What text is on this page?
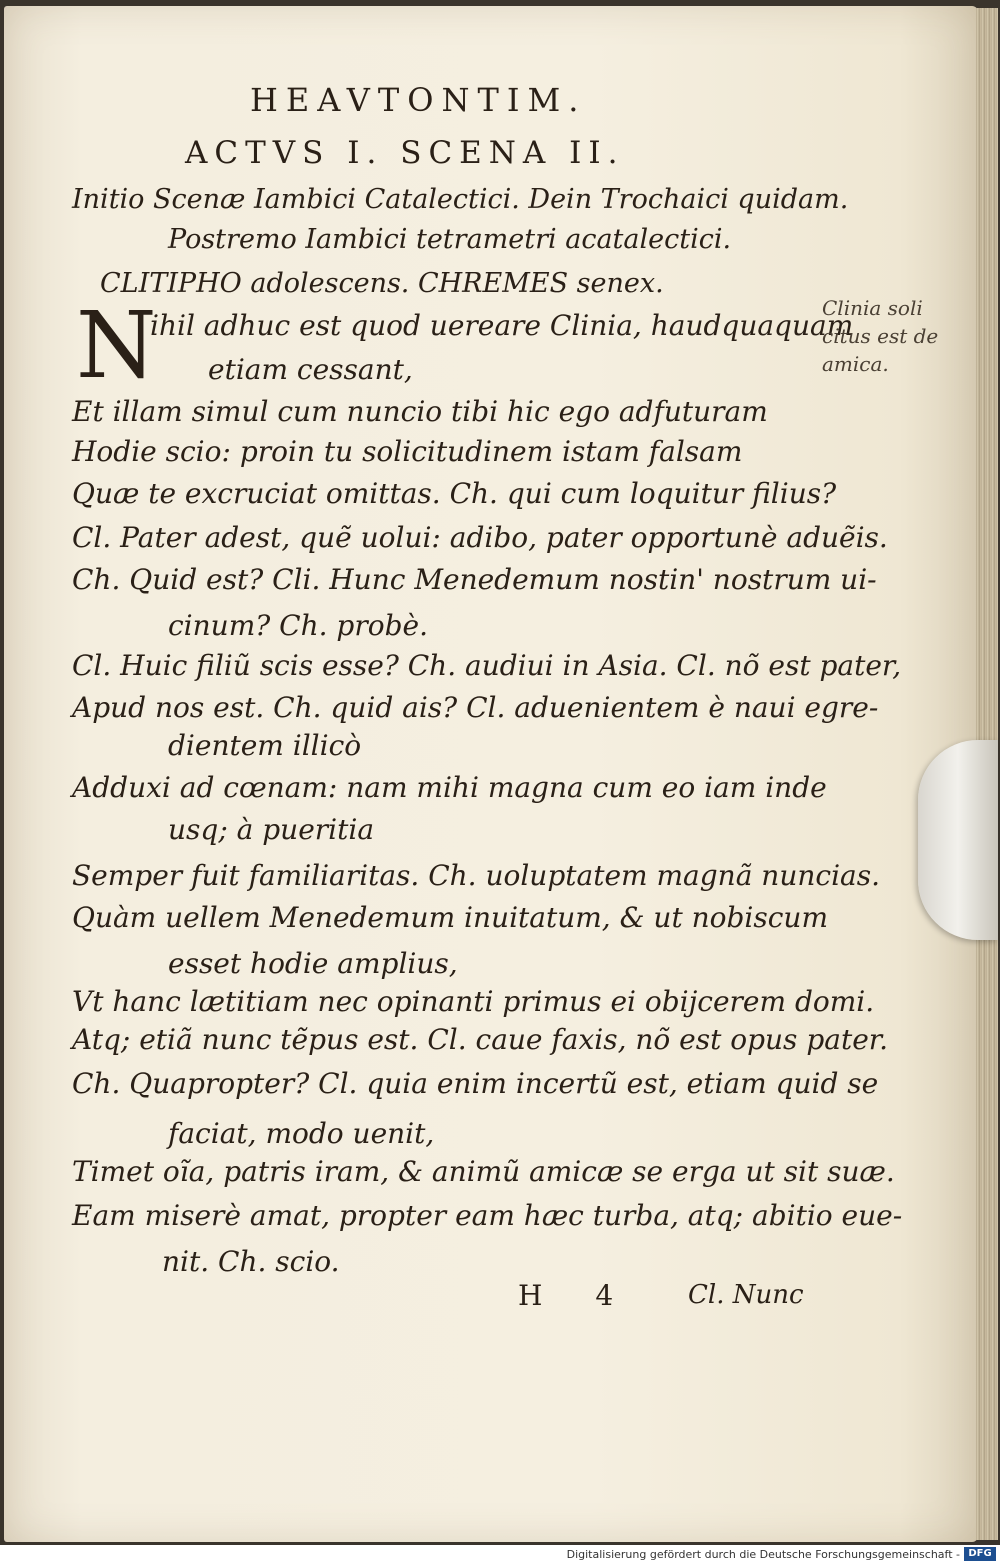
HEAVTONTIM.
ACTVS I. SCENA II.
Initio Scenæ Iambici Catalectici. Dein Trochaici quidam.
Postremo Iambici tetrametri acatalectici.
CLITIPHO adolescens. CHREMES senex.
N
ihil adhuc est quod uereare Clinia, haudquaquam
etiam cessant,
Et illam simul cum nuncio tibi hic ego adfuturam
Hodie scio: proin tu solicitudinem istam falsam
Quæ te excruciat omittas. Ch. qui cum loquitur filius?
Cl. Pater adest, quẽ uolui: adibo, pater opportunè aduẽis.
Ch. Quid est? Cli. Hunc Menedemum nostin' nostrum ui-
cinum? Ch. probè.
Cl. Huic filiũ scis esse? Ch. audiui in Asia. Cl. nõ est pater,
Apud nos est. Ch. quid ais? Cl. aduenientem è naui egre-
dientem illicò
Adduxi ad cœnam: nam mihi magna cum eo iam inde
usq; à pueritia
Semper fuit familiaritas. Ch. uoluptatem magnã nuncias.
Quàm uellem Menedemum inuitatum, & ut nobiscum
esset hodie amplius,
Vt hanc lætitiam nec opinanti primus ei obijcerem domi.
Atq; etiã nunc tẽpus est. Cl. caue faxis, nõ est opus pater.
Ch. Quapropter? Cl. quia enim incertũ est, etiam quid se
faciat, modo uenit,
Timet oĩa, patris iram, & animũ amicæ se erga ut sit suæ.
Eam miserè amat, propter eam hæc turba, atq; abitio eue-
nit. Ch. scio.
Clinia soli
citus est de
amica.
H 4 Cl. Nunc
Digitalisierung gefördert durch die Deutsche Forschungsgemeinschaft - DFG
